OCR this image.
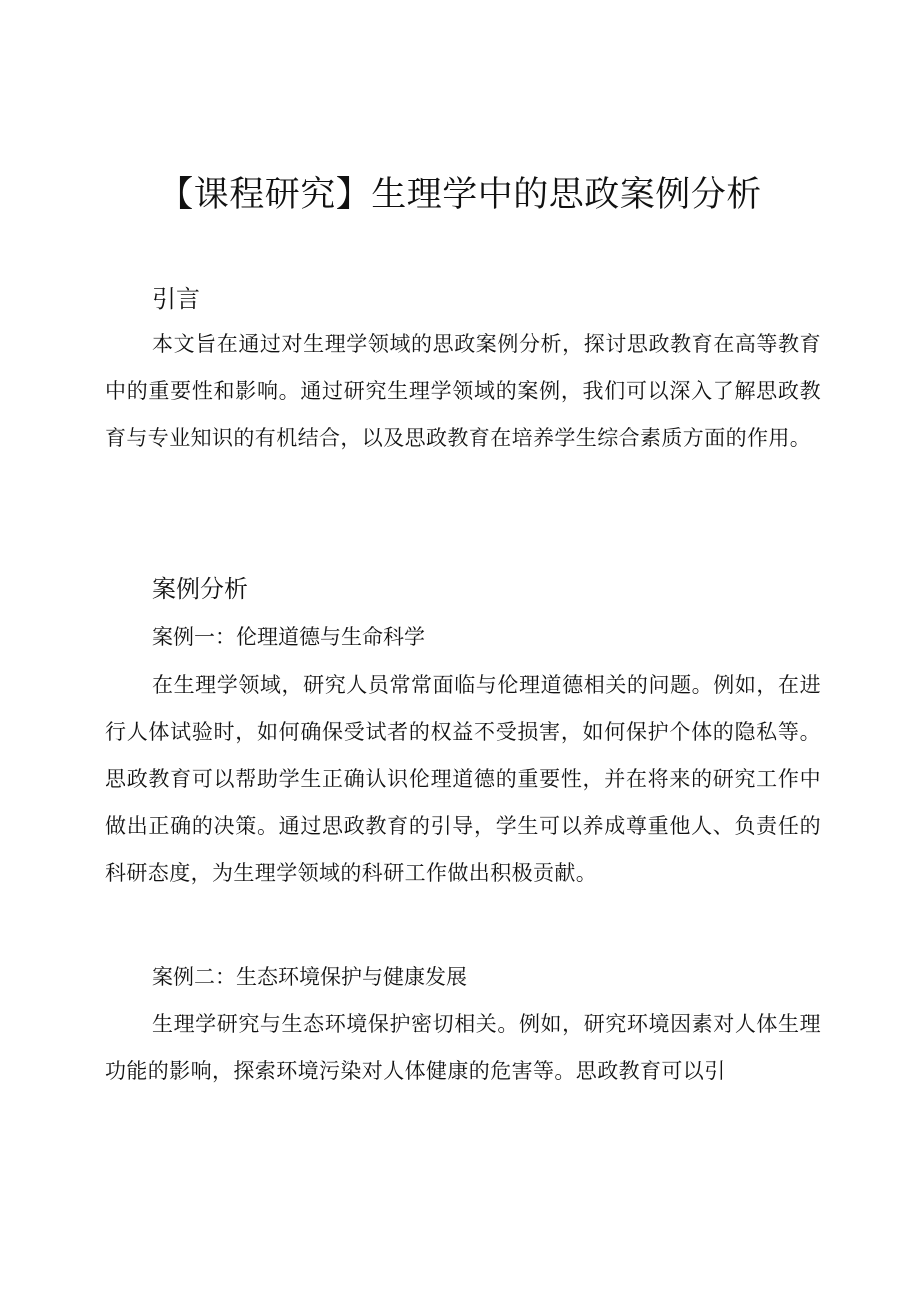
【课程研究】生理学中的思政案例分析
引言

本文旨在通过对生理学领域的思政案例分析，探讨思政教育在高等教育中的重要性和影响。通过研究生理学领域的案例，我们可以深入了解思政教育与专业知识的有机结合，以及思政教育在培养学生综合素质方面的作用。

案例分析
案例一：伦理道德与生命科学

在生理学领域，研究人员常常面临与伦理道德相关的问题。例如，在进行人体试验时，如何确保受试者的权益不受损害，如何保护个体的隐私等。思政教育可以帮助学生正确认识伦理道德的重要性，并在将来的研究工作中做出正确的决策。通过思政教育的引导，学生可以养成尊重他人、负责任的科研态度，为生理学领域的科研工作做出积极贡献。

案例二：生态环境保护与健康发展

生理学研究与生态环境保护密切相关。例如，研究环境因素对人体生理功能的影响，探索环境污染对人体健康的危害等。思政教育可以引
